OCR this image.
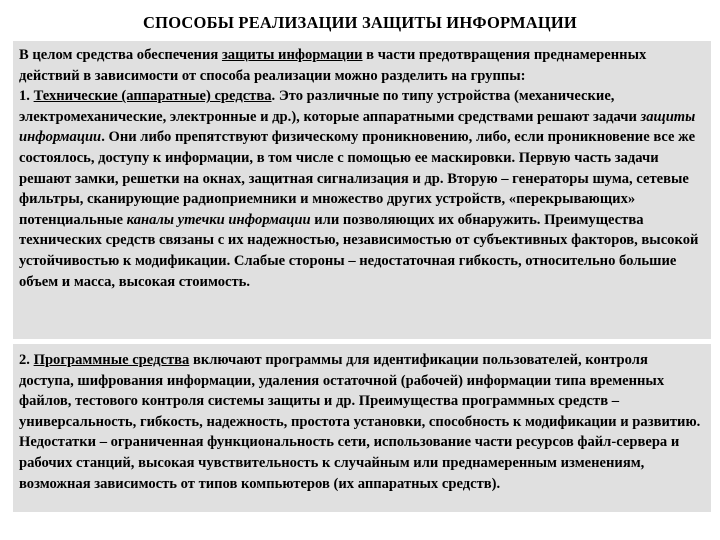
СПОСОБЫ РЕАЛИЗАЦИИ ЗАЩИТЫ ИНФОРМАЦИИ

В целом средства обеспечения защиты информации в части предотвращения преднамеренных действий в зависимости от способа реализации можно разделить на группы:
1. Технические (аппаратные) средства. Это различные по типу устройства (механические, электромеханические, электронные и др.), которые аппаратными средствами решают задачи защиты информации. Они либо препятствуют физическому проникновению, либо, если проникновение все же состоялось, доступу к информации, в том числе с помощью ее маскировки. Первую часть задачи решают замки, решетки на окнах, защитная сигнализация и др. Вторую – генераторы шума, сетевые фильтры, сканирующие радиоприемники и множество других устройств, «перекрывающих» потенциальные каналы утечки информации или позволяющих их обнаружить. Преимущества технических средств связаны с их надежностью, независимостью от субъективных факторов, высокой устойчивостью к модификации. Слабые стороны – недостаточная гибкость, относительно большие объем и масса, высокая стоимость.

2. Программные средства включают программы для идентификации пользователей, контроля доступа, шифрования информации, удаления остаточной (рабочей) информации типа временных файлов, тестового контроля системы защиты и др. Преимущества программных средств – универсальность, гибкость, надежность, простота установки, способность к модификации и развитию. Недостатки – ограниченная функциональность сети, использование части ресурсов файл-сервера и рабочих станций, высокая чувствительность к случайным или преднамеренным изменениям, возможная зависимость от типов компьютеров (их аппаратных средств).
